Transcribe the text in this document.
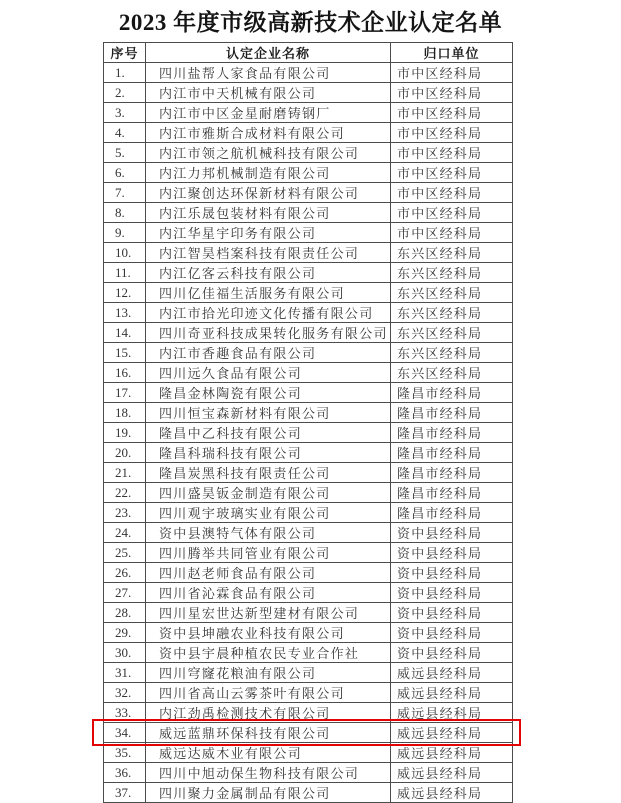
2023 年度市级高新技术企业认定名单
序号	认定企业名称	归口单位
1.	四川盐帮人家食品有限公司	市中区经科局
2.	内江市中天机械有限公司	市中区经科局
3.	内江市中区金星耐磨铸钢厂	市中区经科局
4.	内江市雅斯合成材料有限公司	市中区经科局
5.	内江市领之航机械科技有限公司	市中区经科局
6.	内江力邦机械制造有限公司	市中区经科局
7.	内江聚创达环保新材料有限公司	市中区经科局
8.	内江乐晟包装材料有限公司	市中区经科局
9.	内江华星宇印务有限公司	市中区经科局
10.	内江智昊档案科技有限责任公司	东兴区经科局
11.	内江亿客云科技有限公司	东兴区经科局
12.	四川亿佳福生活服务有限公司	东兴区经科局
13.	内江市拾光印迹文化传播有限公司	东兴区经科局
14.	四川奇亚科技成果转化服务有限公司	东兴区经科局
15.	内江市香趣食品有限公司	东兴区经科局
16.	四川远久食品有限公司	东兴区经科局
17.	隆昌金林陶瓷有限公司	隆昌市经科局
18.	四川恒宝森新材料有限公司	隆昌市经科局
19.	隆昌中乙科技有限公司	隆昌市经科局
20.	隆昌科瑞科技有限公司	隆昌市经科局
21.	隆昌炭黑科技有限责任公司	隆昌市经科局
22.	四川盛昊钣金制造有限公司	隆昌市经科局
23.	四川观宇玻璃实业有限公司	隆昌市经科局
24.	资中县澳特气体有限公司	资中县经科局
25.	四川腾举共同管业有限公司	资中县经科局
26.	四川赵老师食品有限公司	资中县经科局
27.	四川省沁霖食品有限公司	资中县经科局
28.	四川星宏世达新型建材有限公司	资中县经科局
29.	资中县坤融农业科技有限公司	资中县经科局
30.	资中县宇晨种植农民专业合作社	资中县经科局
31.	四川穹窿花粮油有限公司	威远县经科局
32.	四川省高山云雾茶叶有限公司	威远县经科局
33.	内江劲禹检测技术有限公司	威远县经科局
34.	威远蓝鼎环保科技有限公司	威远县经科局
35.	威远达威木业有限公司	威远县经科局
36.	四川中旭动保生物科技有限公司	威远县经科局
37.	四川聚力金属制品有限公司	威远县经科局
